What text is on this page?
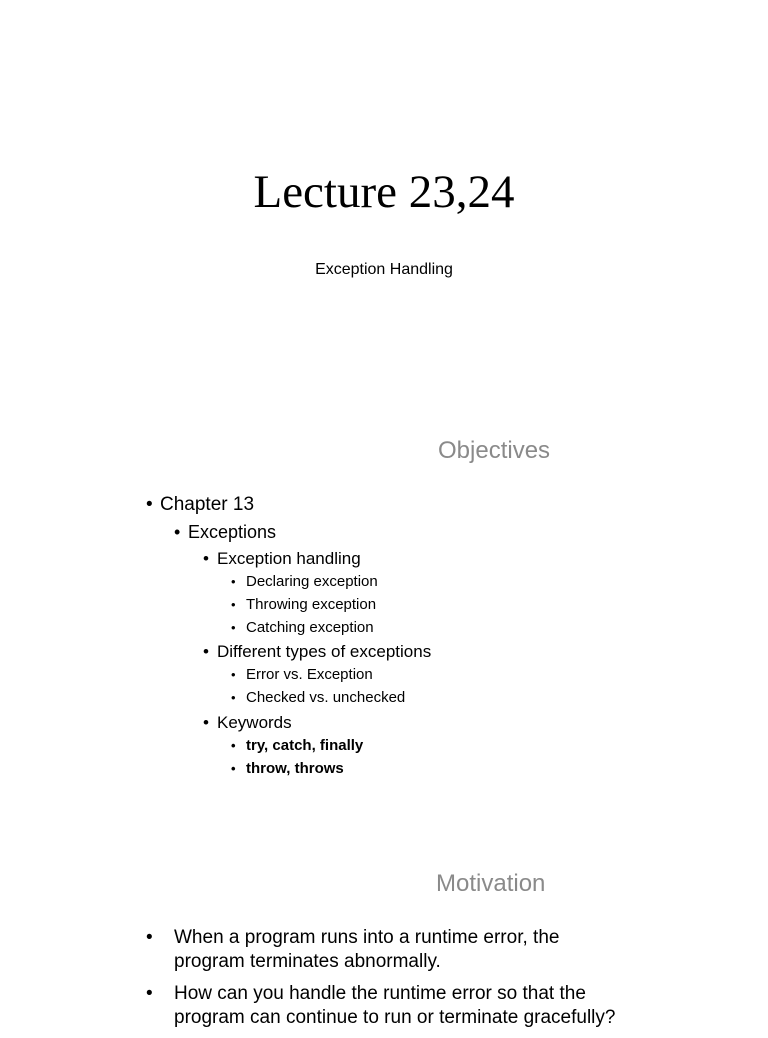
Lecture 23,24
Exception Handling
Objectives
• Chapter 13
• Exceptions
• Exception handling
• Declaring exception
• Throwing exception
• Catching exception
• Different types of exceptions
• Error vs. Exception
• Checked vs. unchecked
• Keywords
• try, catch, finally
• throw, throws
Motivation
• When a program runs into a runtime error, the program terminates abnormally.
• How can you handle the runtime error so that the program can continue to run or terminate gracefully?
